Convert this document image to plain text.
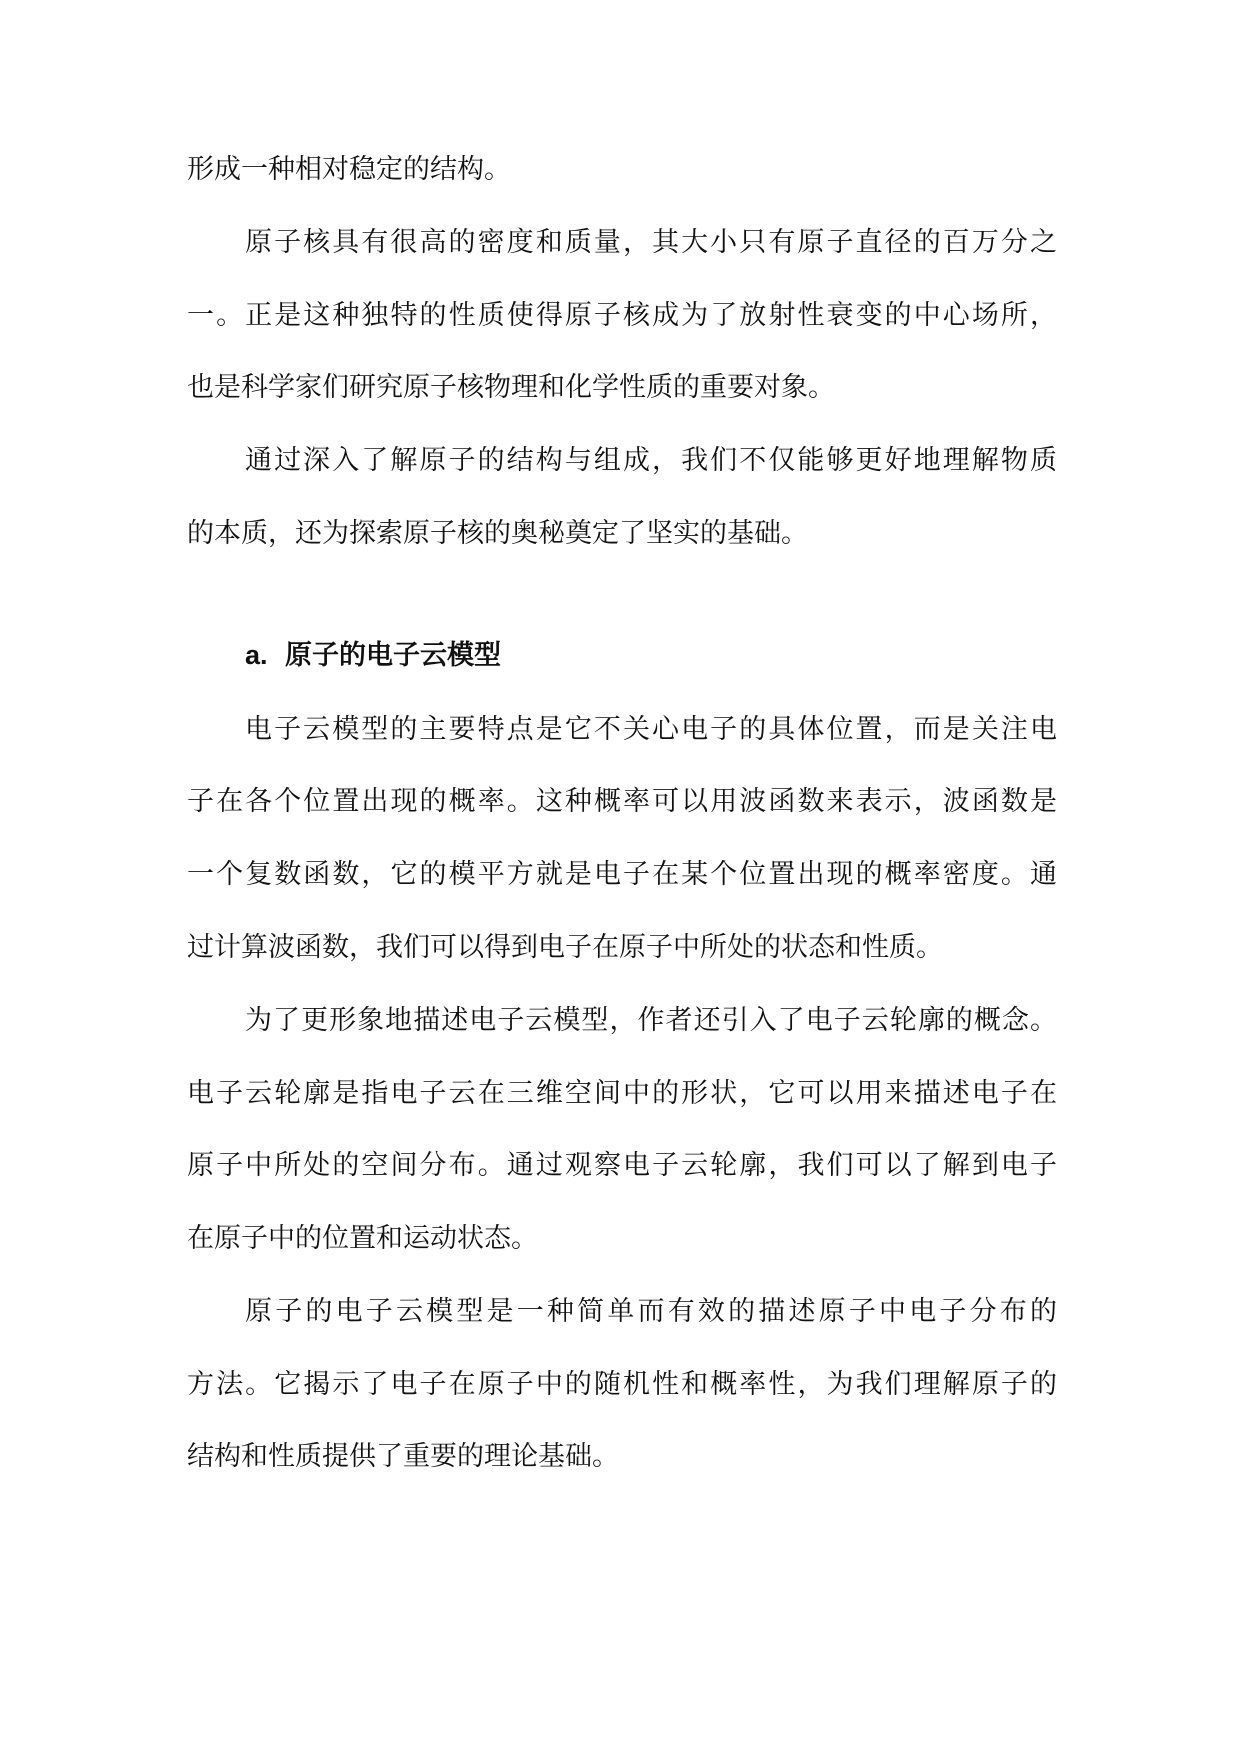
形成一种相对稳定的结构。
原子核具有很高的密度和质量，其大小只有原子直径的百万分之
一。正是这种独特的性质使得原子核成为了放射性衰变的中心场所，
也是科学家们研究原子核物理和化学性质的重要对象。
通过深入了解原子的结构与组成，我们不仅能够更好地理解物质
的本质，还为探索原子核的奥秘奠定了坚实的基础。
a. 原子的电子云模型
电子云模型的主要特点是它不关心电子的具体位置，而是关注电
子在各个位置出现的概率。这种概率可以用波函数来表示，波函数是
一个复数函数，它的模平方就是电子在某个位置出现的概率密度。通
过计算波函数，我们可以得到电子在原子中所处的状态和性质。
为了更形象地描述电子云模型，作者还引入了电子云轮廓的概念。
电子云轮廓是指电子云在三维空间中的形状，它可以用来描述电子在
原子中所处的空间分布。通过观察电子云轮廓，我们可以了解到电子
在原子中的位置和运动状态。
原子的电子云模型是一种简单而有效的描述原子中电子分布的
方法。它揭示了电子在原子中的随机性和概率性，为我们理解原子的
结构和性质提供了重要的理论基础。
